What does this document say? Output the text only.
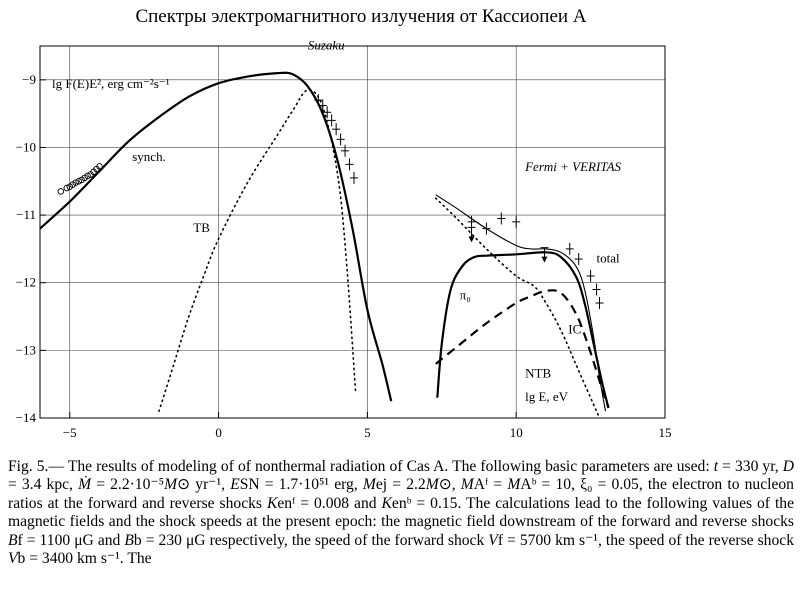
Спектры электромагнитного излучения от Кассиопеи А
−5	0	5	10	15
−14
−13
−12
−11
−10
−9 lg F(E)E², erg cm⁻²s⁻¹
synch.
Suzaku
TB
Fermi + VERITAS
total
π₀
IC
NTB
lg E, eV

Fig. 5.— The results of modeling of of nonthermal radiation of Cas A. The following basic parameters are used: t = 330 yr, D = 3.4 kpc, Ṁ = 2.2·10⁻⁵M⊙ yr⁻¹, ESN = 1.7·10⁵¹ erg, Mej = 2.2M⊙, MAᶠ = MAᵇ = 10, ξ₀ = 0.05, the electron to nucleon ratios at the forward and reverse shocks Kenᶠ = 0.008 and Kenᵇ = 0.15. The calculations lead to the following values of the magnetic fields and the shock speeds at the present epoch: the magnetic field downstream of the forward and reverse shocks Bf = 1100 μG and Bb = 230 μG respectively, the speed of the forward shock Vf = 5700 km s⁻¹, the speed of the reverse shock Vb = 3400 km s⁻¹. The
